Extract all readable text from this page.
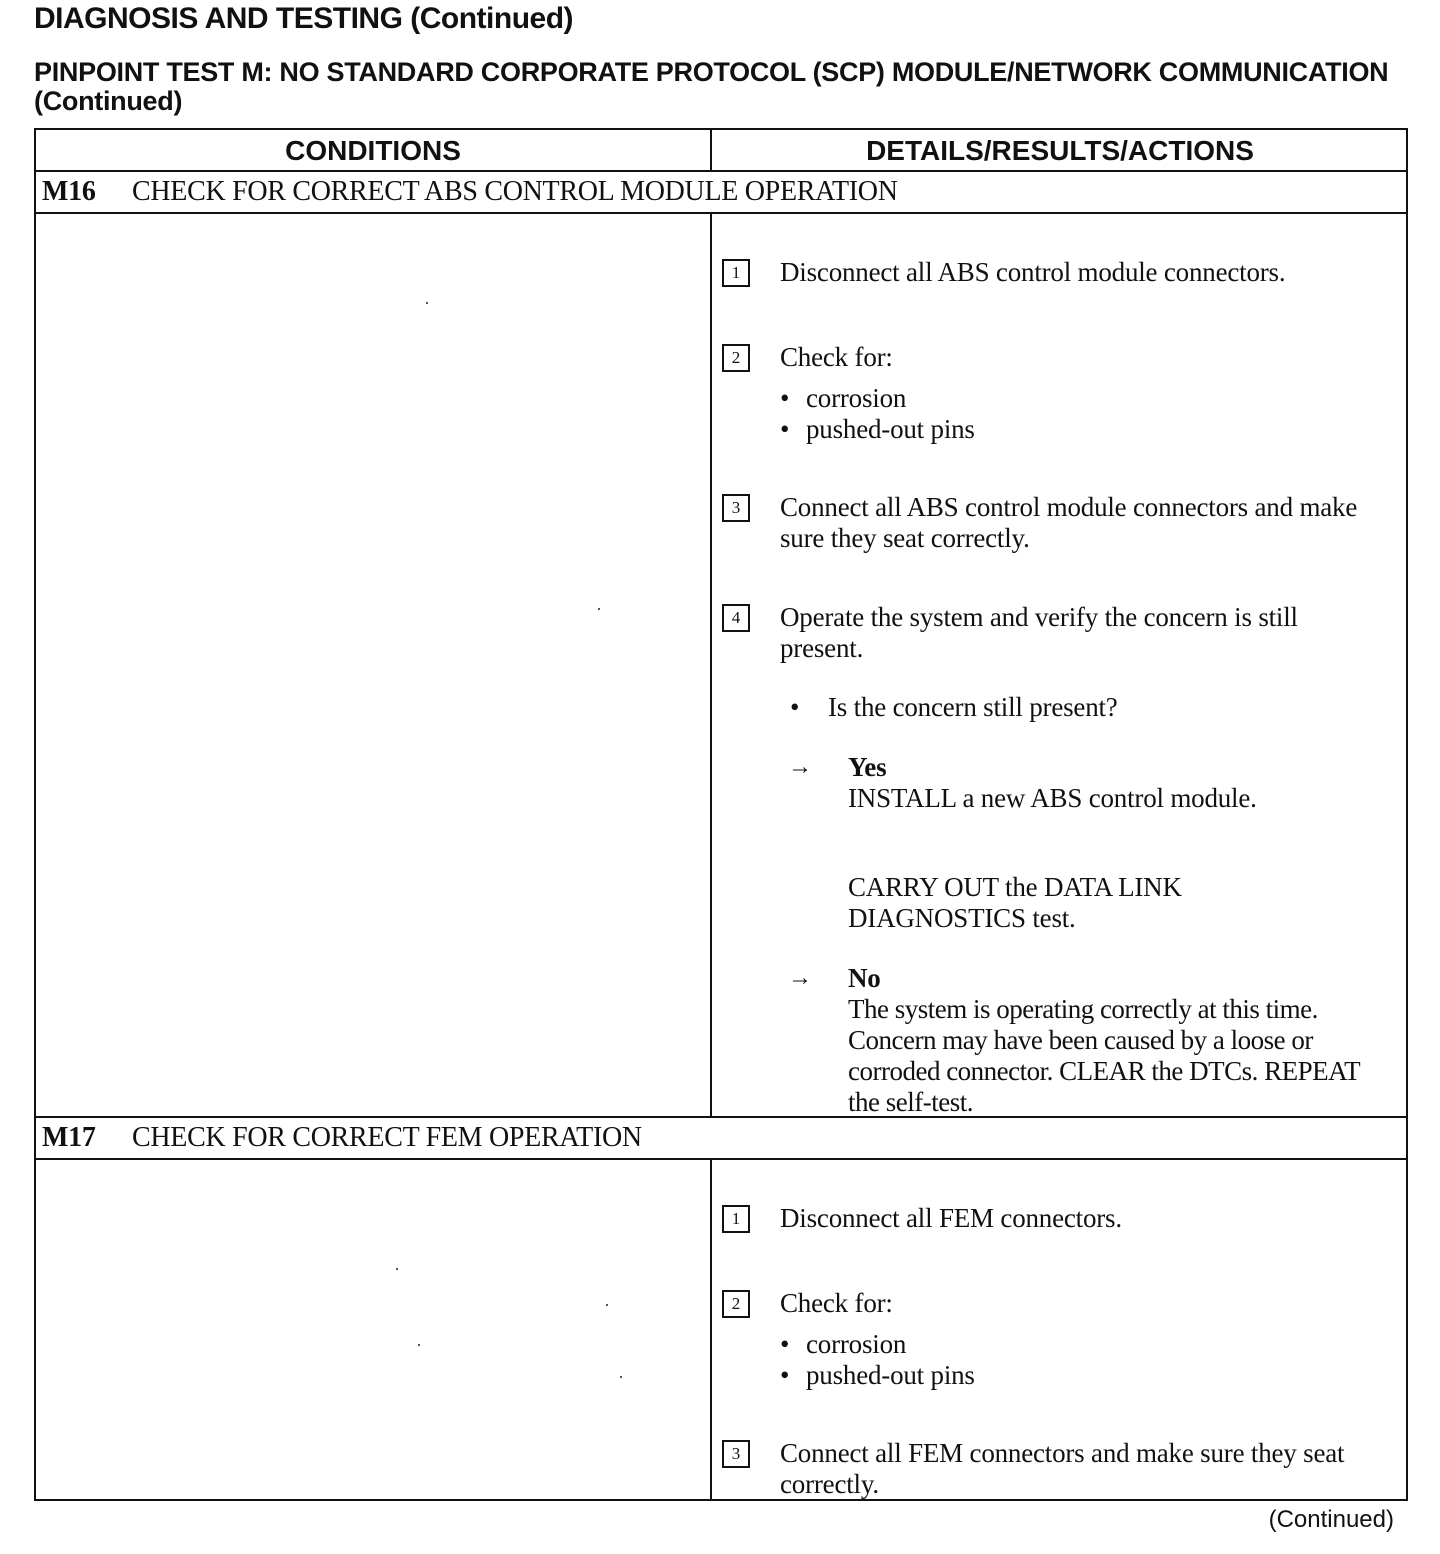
DIAGNOSIS AND TESTING (Continued)
PINPOINT TEST M: NO STANDARD CORPORATE PROTOCOL (SCP) MODULE/NETWORK COMMUNICATION (Continued)
CONDITIONS	DETAILS/RESULTS/ACTIONS
M16 CHECK FOR CORRECT ABS CONTROL MODULE OPERATION
1	Disconnect all ABS control module connectors.
2	Check for:
• corrosion
• pushed-out pins
3	Connect all ABS control module connectors and make sure they seat correctly.
4	Operate the system and verify the concern is still present.
• Is the concern still present?
→ Yes
INSTALL a new ABS control module.
CARRY OUT the DATA LINK DIAGNOSTICS test.
→ No
The system is operating correctly at this time. Concern may have been caused by a loose or corroded connector. CLEAR the DTCs. REPEAT the self-test.
M17 CHECK FOR CORRECT FEM OPERATION
1	Disconnect all FEM connectors.
2	Check for:
• corrosion
• pushed-out pins
3	Connect all FEM connectors and make sure they seat correctly.
(Continued)
